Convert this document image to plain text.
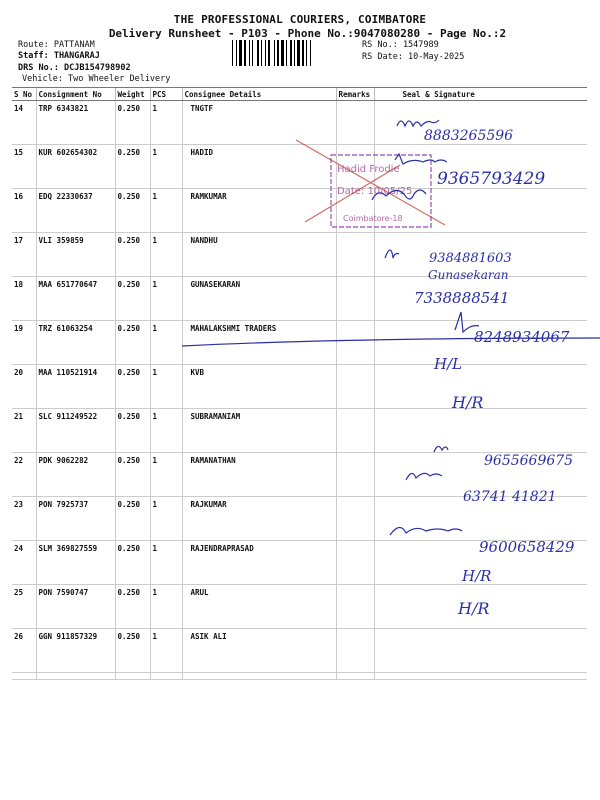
THE PROFESSIONAL COURIERS, COIMBATORE
Delivery Runsheet - P103 - Phone No.:9047080280 - Page No.:2
Route: PATTANAM
Staff: THANGARAJ
DRS No.: DCJB154798902
Vehicle: Two Wheeler Delivery
RS No.: 1547989
RS Date: 10-May-2025
S No	Consignment No	Weight	PCS	Consignee Details	Remarks	Seal & Signature
14	TRP 6343821	0.250	1	TNGTF		
15	KUR 602654302	0.250	1	HADID		
16	EDQ 22330637	0.250	1	RAMKUMAR		
17	VLI 359859	0.250	1	NANDHU		
18	MAA 651770647	0.250	1	GUNASEKARAN		
19	TRZ 61063254	0.250	1	MAHALAKSHMI TRADERS		
20	MAA 110521914	0.250	1	KVB		
21	SLC 911249522	0.250	1	SUBRAMANIAM		
22	PDK 9062282	0.250	1	RAMANATHAN		
23	PON 7925737	0.250	1	RAJKUMAR		
24	SLM 369827559	0.250	1	RAJENDRAPRASAD		
25	PON 7590747	0.250	1	ARUL		
26	GGN 911857329	0.250	1	ASIK ALI		

Hadid Frodie
Date: 10/05/25
Coimbatore-18
8883265596
9365793429
9384881603
Gunasekaran
7338888541
8248934067
H/L
H/R
9655669675
63741 41821
9600658429
H/R
H/R
